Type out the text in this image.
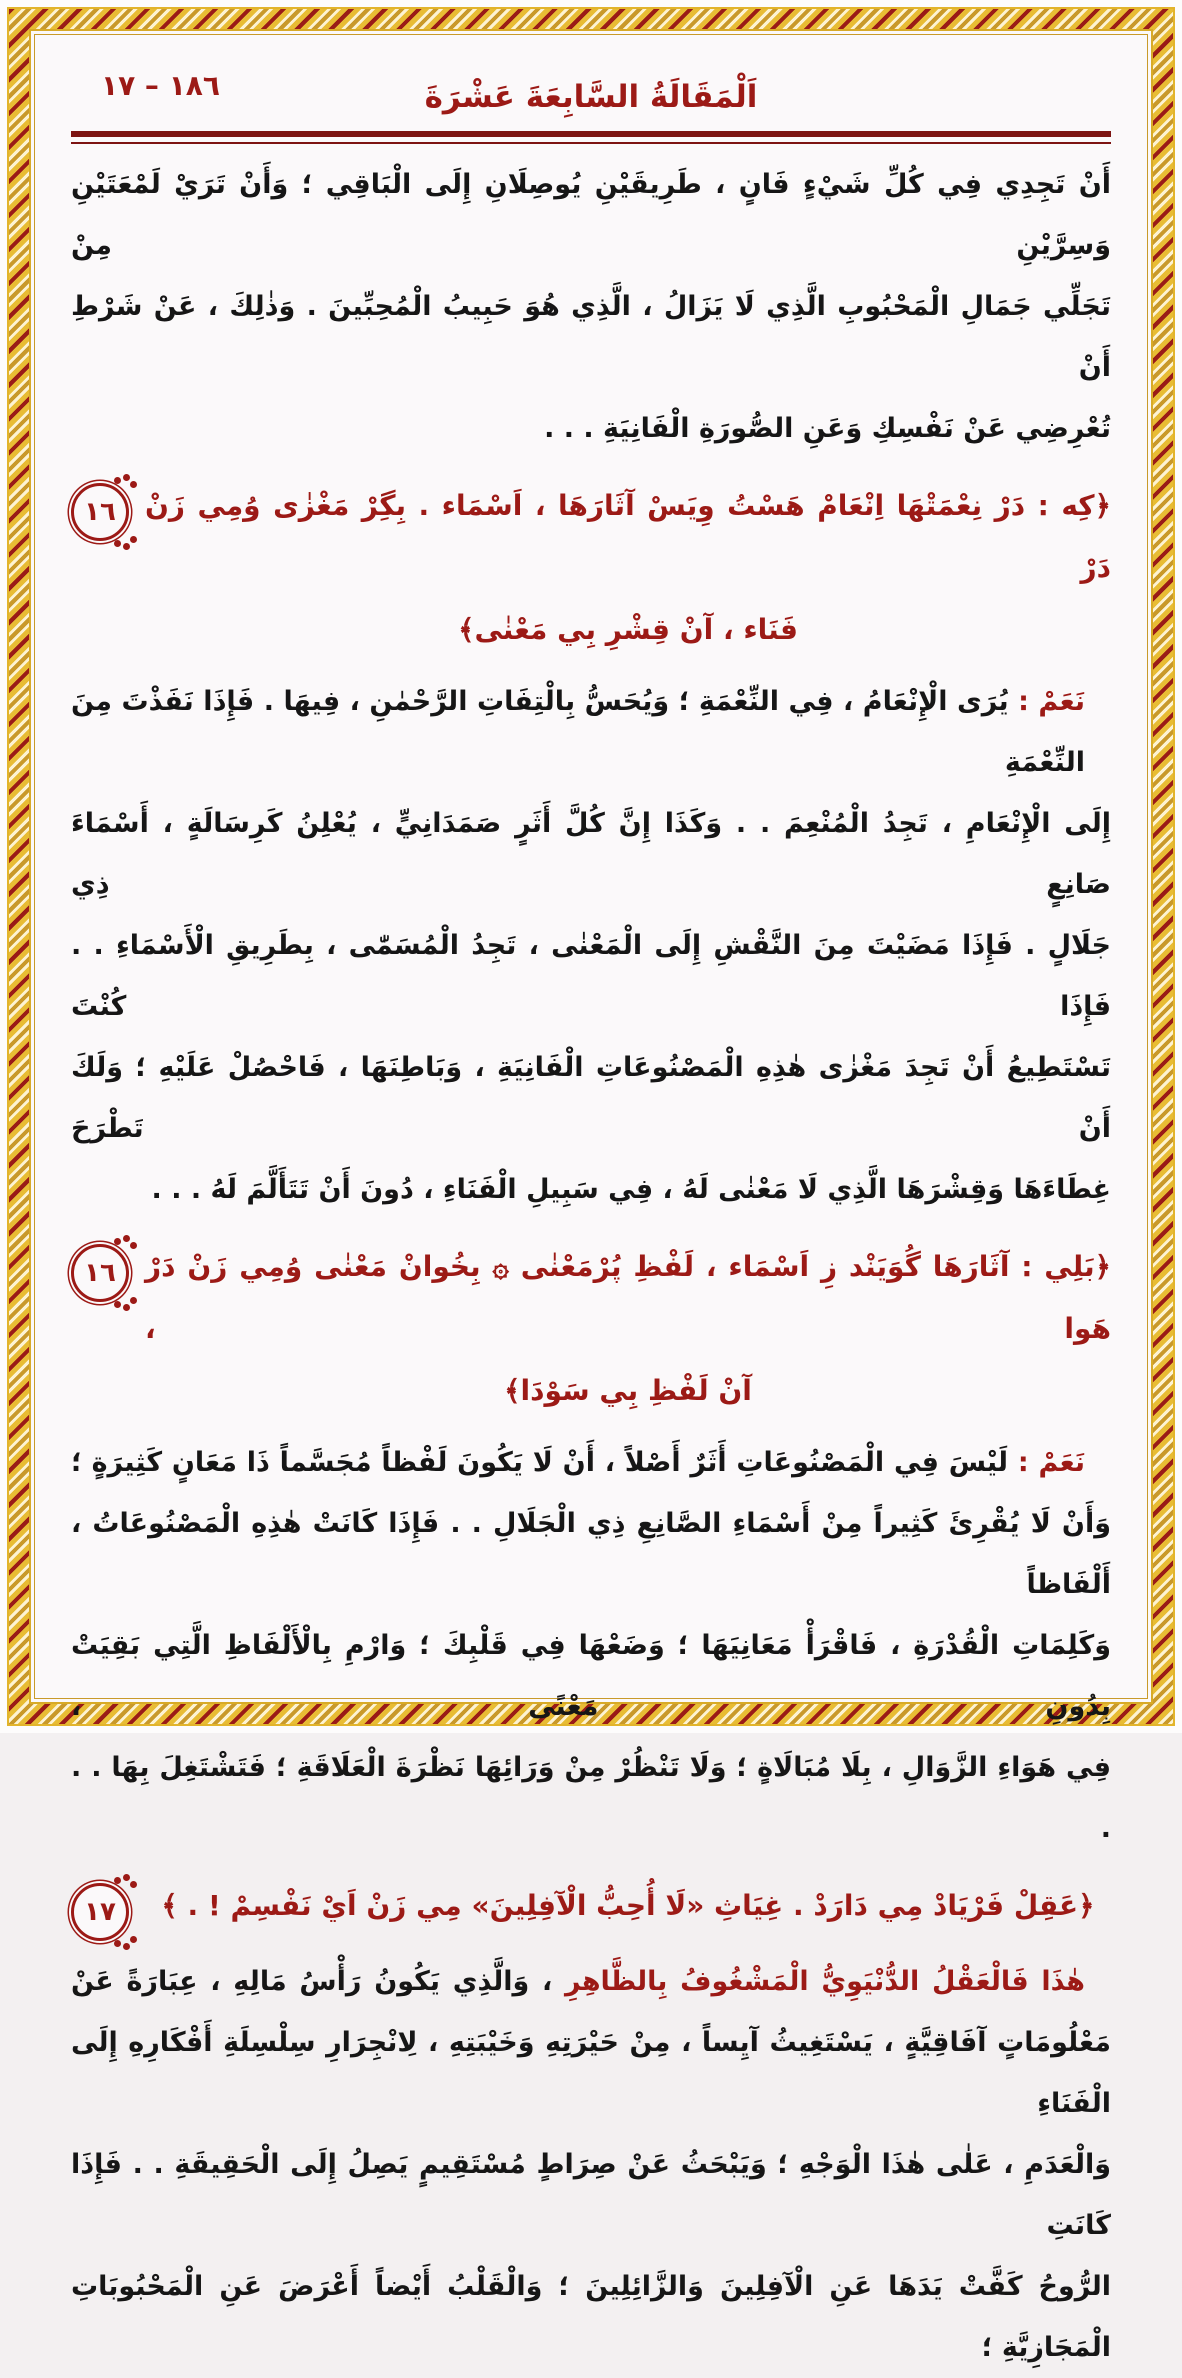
١٨٦ – ١٧	اَلْمَقَالَةُ السَّابِعَةَ عَشْرَةَ
أَنْ تَجِدِي فِي كُلِّ شَيْءٍ فَانٍ ، طَرِيقَيْنِ يُوصِلَانِ إِلَى الْبَاقِي ؛ وَأَنْ تَرَيْ لَمْعَتَيْنِ وَسِرَّيْنِ مِنْ
تَجَلِّي جَمَالِ الْمَحْبُوبِ الَّذِي لَا يَزَالُ ، الَّذِي هُوَ حَبِيبُ الْمُحِبِّينَ . وَذٰلِكَ ، عَنْ شَرْطِ أَنْ
تُعْرِضِي عَنْ نَفْسِكِ وَعَنِ الصُّورَةِ الْفَانِيَةِ . . .
١٦	﴿كِه : دَرْ نِعْمَتْهَا اِنْعَامْ هَسْتُ وِيَسْ آثَارَهَا ، اَسْمَاء . بِگِرْ مَغْزٰى وُمِي زَنْ دَرْ
فَنَاء ، آنْ قِشْرِ بِي مَعْنٰى﴾
نَعَمْ : يُرَى الْإِنْعَامُ ، فِي النِّعْمَةِ ؛ وَيُحَسُّ بِالْتِفَاتِ الرَّحْمٰنِ ، فِيهَا . فَإِذَا نَفَذْتَ مِنَ النِّعْمَةِ
إِلَى الْإِنْعَامِ ، تَجِدُ الْمُنْعِمَ . . وَكَذَا إِنَّ كُلَّ أَثَرٍ صَمَدَانِيٍّ ، يُعْلِنُ كَرِسَالَةٍ ، أَسْمَاءَ صَانِعٍ ذِي
جَلَالٍ . فَإِذَا مَضَيْتَ مِنَ النَّقْشِ إِلَى الْمَعْنٰى ، تَجِدُ الْمُسَمّٰى ، بِطَرِيقِ الْأَسْمَاءِ . . فَإِذَا كُنْتَ
تَسْتَطِيعُ أَنْ تَجِدَ مَغْزٰى هٰذِهِ الْمَصْنُوعَاتِ الْفَانِيَةِ ، وَبَاطِنَهَا ، فَاحْصُلْ عَلَيْهِ ؛ وَلَكَ أَنْ تَطْرَحَ
غِطَاءَهَا وَقِشْرَهَا الَّذِي لَا مَعْنٰى لَهُ ، فِي سَبِيلِ الْفَنَاءِ ، دُونَ أَنْ تَتَأَلَّمَ لَهُ . . .
١٦	﴿بَلِي : آثَارَهَا گُوَيَنْد زِ اَسْمَاء ، لَفْظِ پُرْمَعْنٰى ۞ بِخُوانْ مَعْنٰى وُمِي زَنْ دَرْ هَوا ،
آنْ لَفْظِ بِي سَوْدَا﴾
نَعَمْ : لَيْسَ فِي الْمَصْنُوعَاتِ أَثَرٌ أَصْلاً ، أَنْ لَا يَكُونَ لَفْظاً مُجَسَّماً ذَا مَعَانٍ كَثِيرَةٍ ؛
وَأَنْ لَا يُقْرِئَ كَثِيراً مِنْ أَسْمَاءِ الصَّانِعِ ذِي الْجَلَالِ . . فَإِذَا كَانَتْ هٰذِهِ الْمَصْنُوعَاتُ ، أَلْفَاظاً
وَكَلِمَاتِ الْقُدْرَةِ ، فَاقْرَأْ مَعَانِيَهَا ؛ وَضَعْهَا فِي قَلْبِكَ ؛ وَارْمِ بِالْأَلْفَاظِ الَّتِي بَقِيَتْ بِدُونِ مَعْنًى ،
فِي هَوَاءِ الزَّوَالِ ، بِلَا مُبَالَاةٍ ؛ وَلَا تَنْظُرْ مِنْ وَرَائِهَا نَظْرَةَ الْعَلَاقَةِ ؛ فَتَشْتَغِلَ بِهَا . . .
١٧	﴿عَقِلْ فَرْيَادْ مِي دَارَدْ . غِيَاثِ «لَا أُحِبُّ الْآفِلِينَ» مِي زَنْ اَيْ نَفْسِمْ ! . ﴾
هٰذَا فَالْعَقْلُ الدُّنْيَوِيُّ الْمَشْغُوفُ بِالظَّاهِرِ ، وَالَّذِي يَكُونُ رَأْسُ مَالِهِ ، عِبَارَةً عَنْ
مَعْلُومَاتٍ آفَاقِيَّةٍ ، يَسْتَغِيثُ آيِساً ، مِنْ حَيْرَتِهِ وَخَيْبَتِهِ ، لِانْجِرَارِ سِلْسِلَةِ أَفْكَارِهِ إِلَى الْفَنَاءِ
وَالْعَدَمِ ، عَلٰى هٰذَا الْوَجْهِ ؛ وَيَبْحَثُ عَنْ صِرَاطٍ مُسْتَقِيمٍ يَصِلُ إِلَى الْحَقِيقَةِ . . فَإِذَا كَانَتِ
الرُّوحُ كَفَّتْ يَدَهَا عَنِ الْآفِلِينَ وَالزَّائِلِينَ ؛ وَالْقَلْبُ أَيْضاً أَعْرَضَ عَنِ الْمَحْبُوبَاتِ الْمَجَازِيَّةِ ؛
